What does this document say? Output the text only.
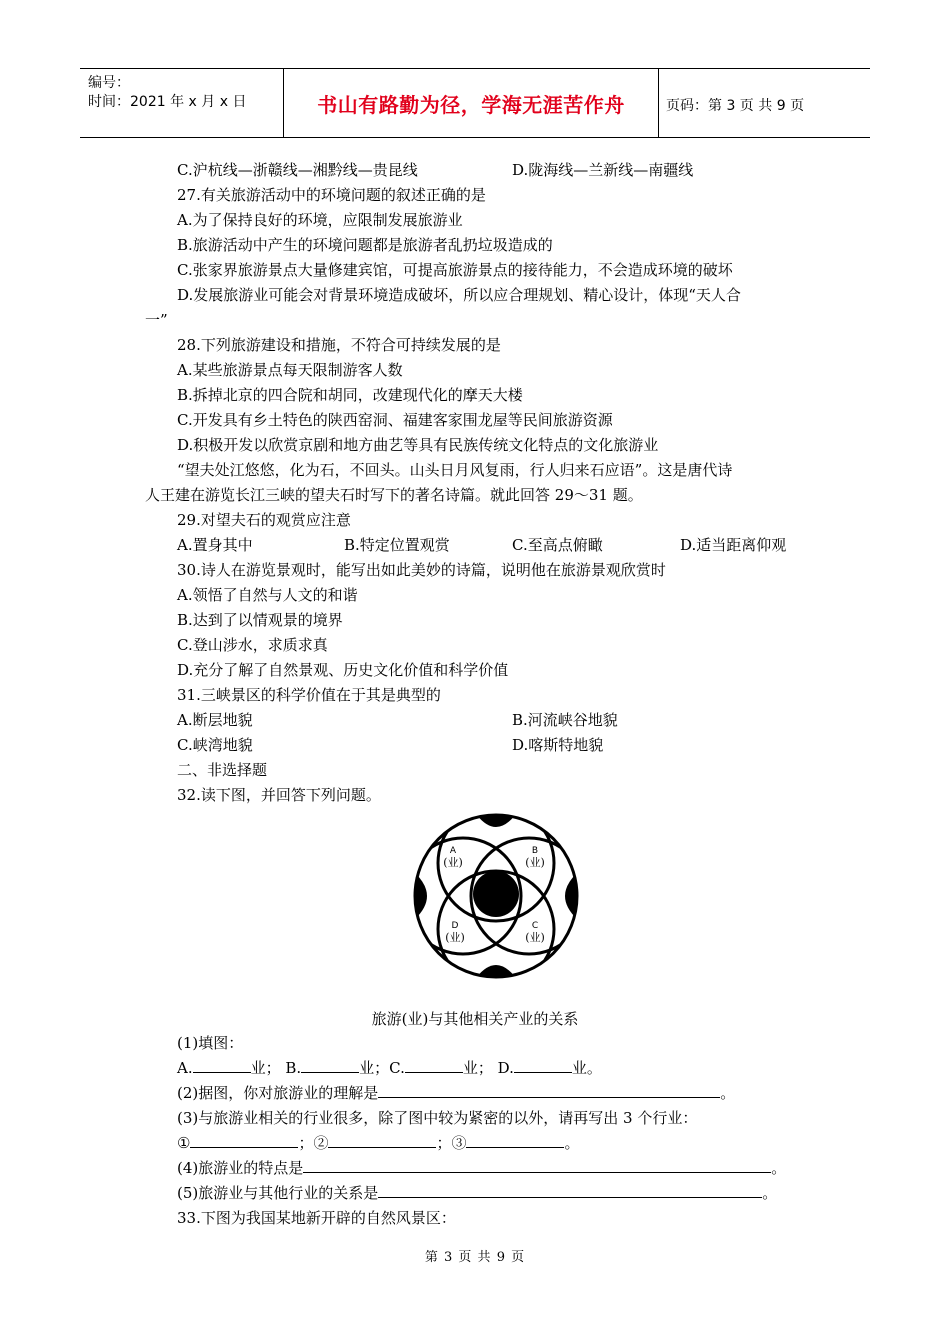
编号：
时间：2021 年 x 月 x 日	书山有路勤为径，学海无涯苦作舟	页码：第 3 页 共 9 页
C.沪杭线—浙赣线—湘黔线—贵昆线	D.陇海线—兰新线—南疆线
27.有关旅游活动中的环境问题的叙述正确的是
A.为了保持良好的环境，应限制发展旅游业
B.旅游活动中产生的环境问题都是旅游者乱扔垃圾造成的
C.张家界旅游景点大量修建宾馆，可提高旅游景点的接待能力，不会造成环境的破坏
D.发展旅游业可能会对背景环境造成破坏，所以应合理规划、精心设计，体现“天人合
一”
28.下列旅游建设和措施，不符合可持续发展的是
A.某些旅游景点每天限制游客人数
B.拆掉北京的四合院和胡同，改建现代化的摩天大楼
C.开发具有乡土特色的陕西窑洞、福建客家围龙屋等民间旅游资源
D.积极开发以欣赏京剧和地方曲艺等具有民族传统文化特点的文化旅游业
“望夫处江悠悠，化为石，不回头。山头日月风复雨，行人归来石应语”。这是唐代诗
人王建在游览长江三峡的望夫石时写下的著名诗篇。就此回答 29～31 题。
29.对望夫石的观赏应注意
A.置身其中	B.特定位置观赏	C.至高点俯瞰	D.适当距离仰观
30.诗人在游览景观时，能写出如此美妙的诗篇，说明他在旅游景观欣赏时
A.领悟了自然与人文的和谐
B.达到了以情观景的境界
C.登山涉水，求质求真
D.充分了解了自然景观、历史文化价值和科学价值
31.三峡景区的科学价值在于其是典型的
A.断层地貌	B.河流峡谷地貌
C.峡湾地貌	D.喀斯特地貌
二、非选择题
32.读下图，并回答下列问题。
A
(业)
B
(业)
D
(业)
C
(业)
旅游(业)与其他相关产业的关系
(1)填图：
A.	业； B.	业；C.	业； D.	业。
(2)据图，你对旅游业的理解是	。
(3)与旅游业相关的行业很多，除了图中较为紧密的以外，请再写出 3 个行业：
①	；②	；③	。
(4)旅游业的特点是	。
(5)旅游业与其他行业的关系是	。
33.下图为我国某地新开辟的自然风景区：
第 3 页 共 9 页
